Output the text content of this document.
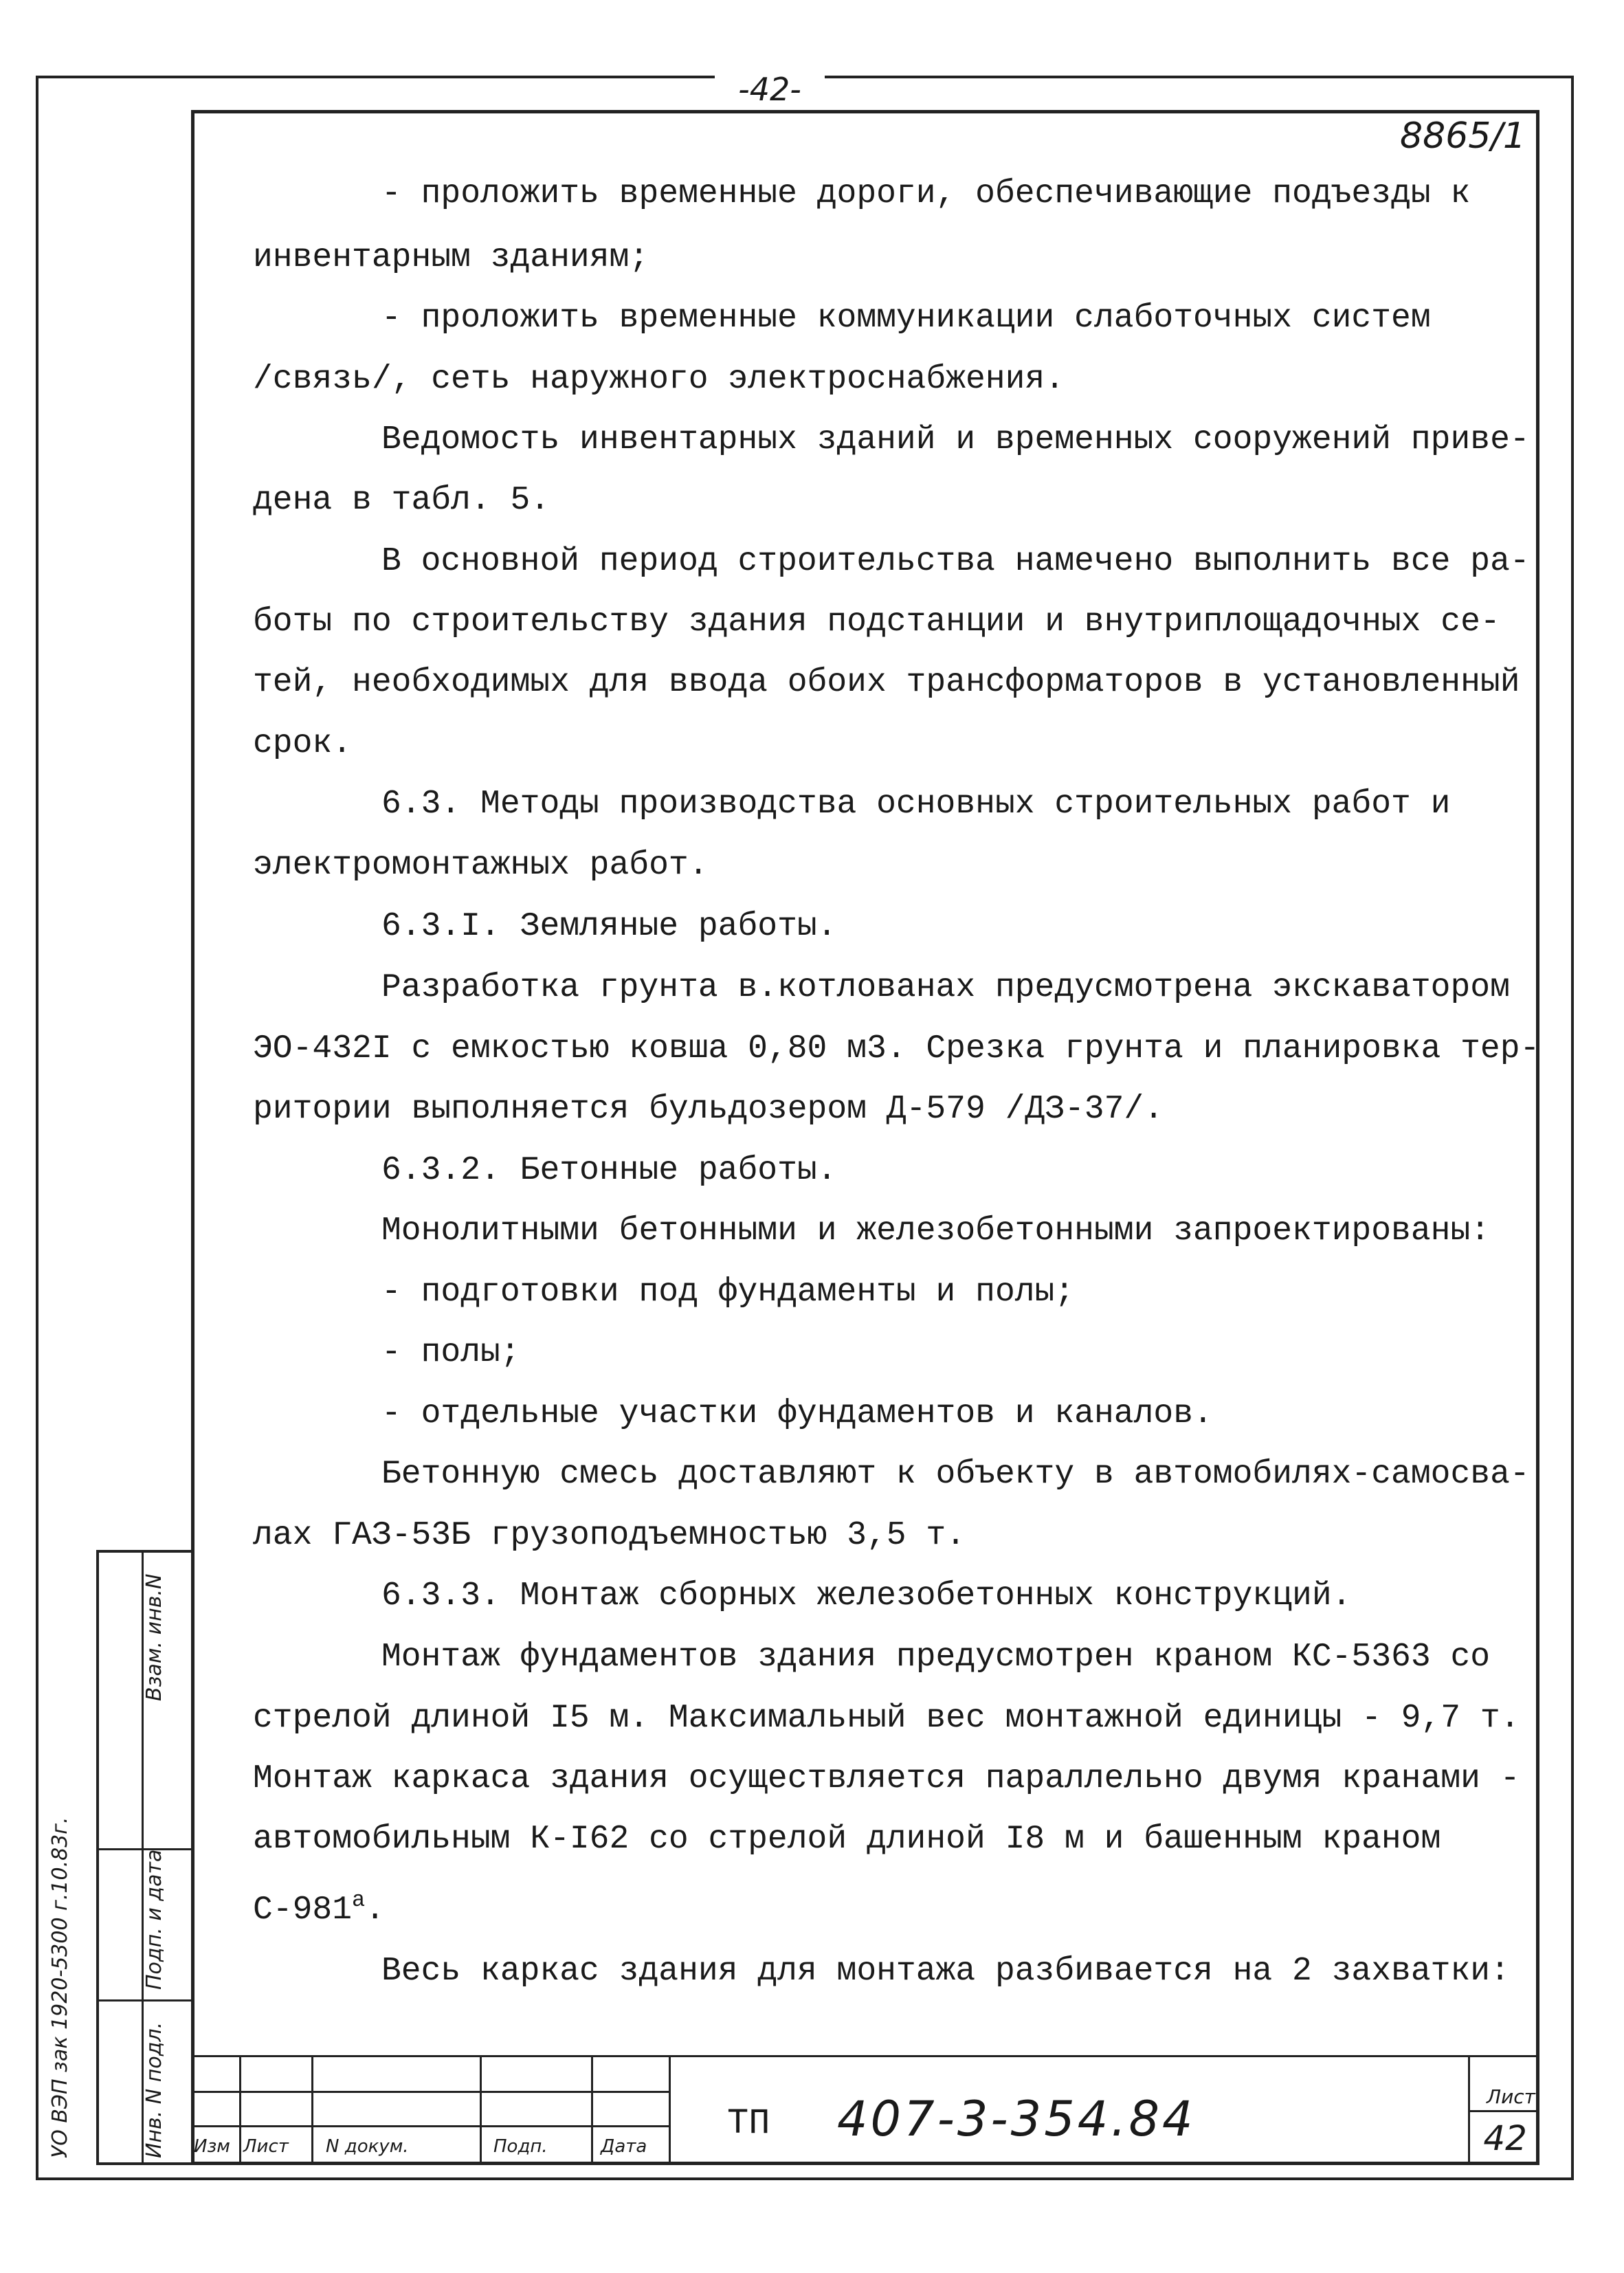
-42-
8865/1
- проложить временные дороги, обеспечивающие подъезды к
инвентарным зданиям;
- проложить временные коммуникации слаботочных систем
/связь/, сеть наружного электроснабжения.
Ведомость инвентарных зданий и временных сооружений приве-
дена в табл. 5.
В основной период строительства намечено выполнить все ра-
боты по строительству здания подстанции и внутриплощадочных се-
тей, необходимых для ввода обоих трансформаторов в установленный
срок.
6.3. Методы производства основных строительных работ и
электромонтажных работ.
6.3.I. Земляные работы.
Разработка грунта в.котлованах предусмотрена экскаватором
ЭО-432I с емкостью ковша 0,80 м3. Срезка грунта и планировка тер-
ритории выполняется бульдозером Д-579 /ДЗ-37/.
6.3.2. Бетонные работы.
Монолитными бетонными и железобетонными запроектированы:
- подготовки под фундаменты и полы;
- полы;
- отдельные участки фундаментов и каналов.
Бетонную смесь доставляют к объекту в автомобилях-самосва-
лах ГАЗ-53Б грузоподъемностью 3,5 т.
6.3.3. Монтаж сборных железобетонных конструкций.
Монтаж фундаментов здания предусмотрен краном КС-5363 со
стрелой длиной I5 м. Максимальный вес монтажной единицы - 9,7 т.
Монтаж каркаса здания осуществляется параллельно двумя кранами -
автомобильным К-I62 со стрелой длиной I8 м и башенным краном
$С-981^а$.
Весь каркас здания для монтажа разбивается на 2 захватки:
УО ВЭП зак 1920-5300 г.10.83г.	Инв. N подл.
Подп. и дата
Взам. инв.N
Изм Лист N докум.	Подп.	Дата
ТП 407-3-354.84	Лист
42
